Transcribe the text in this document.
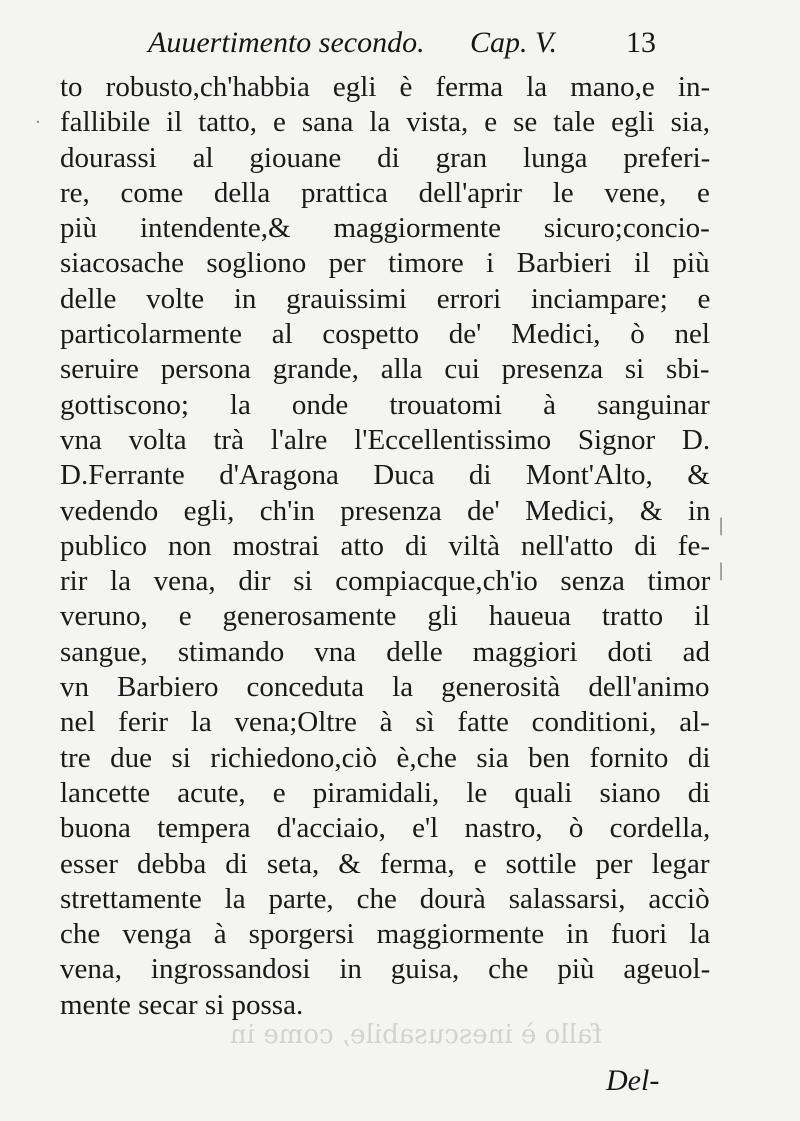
fallo è inescusabile, come in
Auuertimento secondo. Cap. V. 13
·
|
|
to robusto,ch'habbia egli è ferma la mano,e in-
fallibile il tatto, e sana la vista, e se tale egli sia,
dourassi al giouane di gran lunga preferi-
re, come della prattica dell'aprir le vene, e
più intendente,& maggiormente sicuro;concio-
siacosache sogliono per timore i Barbieri il più
delle volte in grauissimi errori inciampare; e
particolarmente al cospetto de' Medici, ò nel
seruire persona grande, alla cui presenza si sbi-
gottiscono; la onde trouatomi à sanguinar
vna volta trà l'alre l'Eccellentissimo Signor D.
D.Ferrante d'Aragona Duca di Mont'Alto, &
vedendo egli, ch'in presenza de' Medici, & in
publico non mostrai atto di viltà nell'atto di fe-
rir la vena, dir si compiacque,ch'io senza timor
veruno, e generosamente gli haueua tratto il
sangue, stimando vna delle maggiori doti ad
vn Barbiero conceduta la generosità dell'animo
nel ferir la vena;Oltre à sì fatte conditioni, al-
tre due si richiedono,ciò è,che sia ben fornito di
lancette acute, e piramidali, le quali siano di
buona tempera d'acciaio, e'l nastro, ò cordella,
esser debba di seta, & ferma, e sottile per legar
strettamente la parte, che dourà salassarsi, acciò
che venga à sporgersi maggiormente in fuori la
vena, ingrossandosi in guisa, che più ageuol-
mente secar si possa.
Del-
